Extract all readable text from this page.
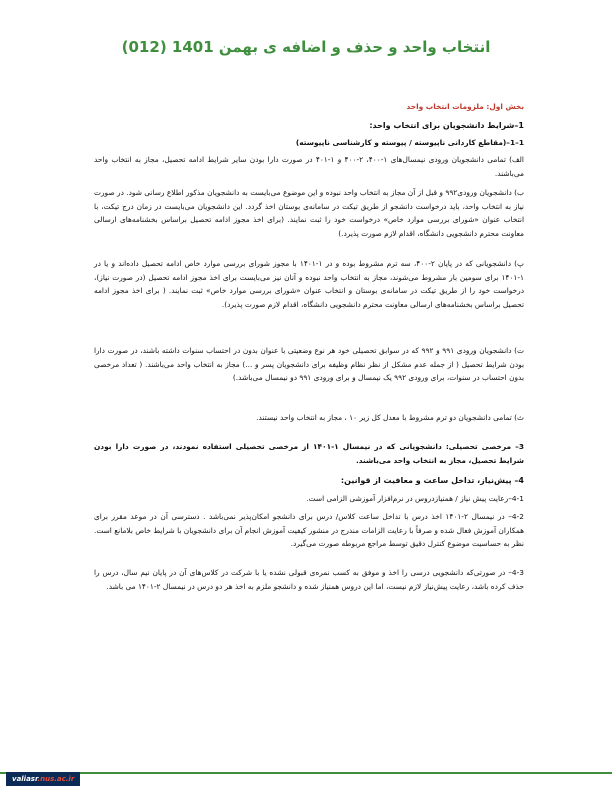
انتخاب واحد و حذف و اضافه ی بهمن 1401 (012)
بخش اول: ملزومات انتخاب واحد
1–شرایط دانشجویان برای انتخاب واحد:
1–1–(مقاطع کاردانی ناپیوسته / پیوسته و کارشناسی ناپیوسته)
الف) تمامی دانشجویان ورودی نیمسال‌های ۱-۴۰۰، ۲-۴۰۰ و ۱-۴۰۱ در صورت دارا بودن سایر شرایط ادامه تحصیل، مجاز به انتخاب واحد می‌باشند.
ب) دانشجویان ورودی۹۹۲ و قبل از آن مجاز به انتخاب واحد نبوده و این موضوع می‌بایست به دانشجویان مذکور اطلاع رسانی شود. در صورت نیاز به انتخاب واحد، باید درخواست دانشجو از طریق تیکت در سامانه‌ی بوستان اخذ گردد. این دانشجویان می‌بایست در زمان درج تیکت، با انتخاب عنوان «شورای بررسی موارد خاص» درخواست خود را ثبت نمایند. (برای اخذ مجوز ادامه تحصیل براساس بخشنامه‌های ارسالی معاونت محترم دانشجویی دانشگاه، اقدام لازم صورت پذیرد.)
پ) دانشجویانی که در پایان ۲-۴۰۰، سه ترم مشروط بوده و در ۱-۱۴۰۱ با مجوز شورای بررسی موارد خاص ادامه تحصیل داده‌اند و یا در ۱-۱۴۰۱ برای سومین بار مشروط می‌شوند، مجاز به انتخاب واحد نبوده و آنان نیز می‌بایست برای اخذ مجوز ادامه تحصیل (در صورت نیاز)، درخواست خود را از طریق تیکت در سامانه‌ی بوستان و انتخاب عنوان «شورای بررسی موارد خاص» ثبت نمایند. ( برای اخذ مجوز ادامه تحصیل براساس بخشنامه‌های ارسالی معاونت محترم دانشجویی دانشگاه، اقدام لازم صورت پذیرد).
ت) دانشجویان ورودی ۹۹۱ و ۹۹۲ که در سوابق تحصیلی خود هر نوع وضعیتی با عنوان بدون در احتساب سنوات داشته باشند، در صورت دارا بودن شرایط تحصیل ( از جمله عدم مشکل از نظر نظام وظیفه برای دانشجویان پسر و ...) مجاز به انتخاب واحد می‌باشند. ( تعداد مرخصی بدون احتساب در سنوات، برای ورودی ۹۹۲ یک نیمسال و برای ورودی ۹۹۱ دو نیمسال می‌باشد.)
ث) تمامی دانشجویان دو ترم مشروط با معدل کل زیر ۱۰ ، مجاز به انتخاب واحد نیستند.
3– مرخصی تحصیلی: دانشجویانی که در نیمسال ۱-۱۴۰۱ از مرخصی تحصیلی استفاده نمودند، در صورت دارا بودن شرایط تحصیل، مجاز به انتخاب واحد می‌باشند.
4– پیش‌نیاز، تداخل ساعت و معافیت از قوانین:
4-1–رعایت پیش نیاز / همنیازدروس در نرم‌افزار آموزشی الزامی است.
4-2– در نیمسال ۲-۱۴۰۱ اخذ درس با تداخل ساعت کلاس/ درس برای دانشجو امکان‌پذیر نمی‌باشد . دسترسی آن در موعد مقرر برای همکاران آموزش فعال شده و صرفاً با رعایت الزامات مندرج در منشور کیفیت آموزش انجام آن برای دانشجویان با شرایط خاص بلامانع است. نظر به حساسیت موضوع کنترل دقیق توسط مراجع مربوطه صورت می‌گیرد.
4-3– در صورتی‌که دانشجویی درسی را اخذ و موفق به کسب نمره‌ی قبولی نشده یا با شرکت در کلاس‌های آن در پایان نیم سال، درس را حذف کرده باشد، رعایت پیش‌نیاز لازم نیست، اما این دروس همنیاز شده و دانشجو ملزم به اخذ هر دو درس در نیمسال ۲-۱۴۰۱ می باشد.
valiasr.nus.ac.ir
